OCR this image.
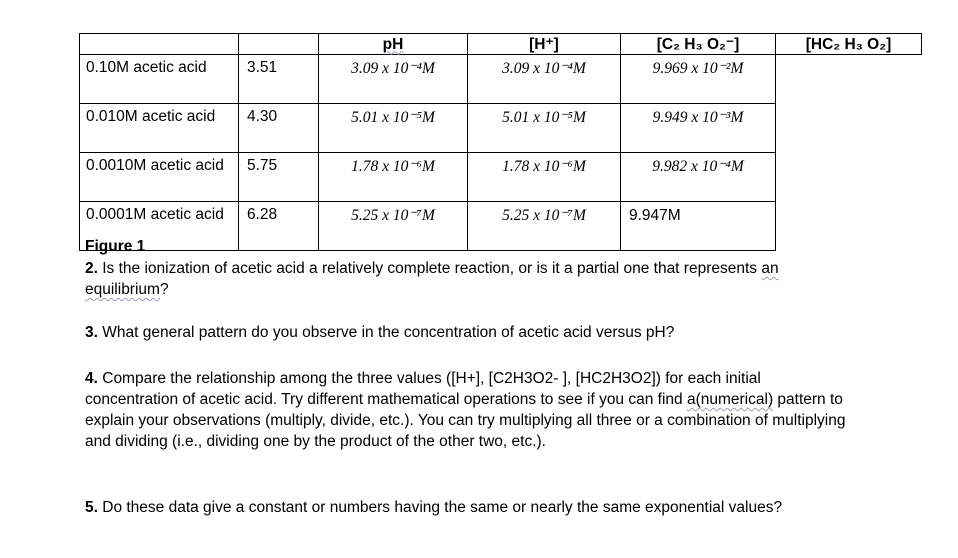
		pH	[H⁺]	[C₂ H₃ O₂⁻]	[HC₂ H₃ O₂]
0.10M acetic acid	3.51	3.09 x 10⁻⁴M	3.09 x 10⁻⁴M	9.969 x 10⁻²M	
0.010M acetic acid	4.30	5.01 x 10⁻⁵M	5.01 x 10⁻⁵M	9.949 x 10⁻³M	
0.0010M acetic acid	5.75	1.78 x 10⁻⁶M	1.78 x 10⁻⁶M	9.982 x 10⁻⁴M	
0.0001M acetic acid	6.28	5.25 x 10⁻⁷M	5.25 x 10⁻⁷M	9.947M	
Figure 1
2. Is the ionization of acetic acid a relatively complete reaction, or is it a partial one that represents an equilibrium?
3. What general pattern do you observe in the concentration of acetic acid versus pH?
4. Compare the relationship among the three values ([H+], [C2H3O2- ], [HC2H3O2]) for each initial concentration of acetic acid. Try different mathematical operations to see if you can find a(numerical) pattern to explain your observations (multiply, divide, etc.). You can try multiplying all three or a combination of multiplying and dividing (i.e., dividing one by the product of the other two, etc.).
5. Do these data give a constant or numbers having the same or nearly the same exponential values?
